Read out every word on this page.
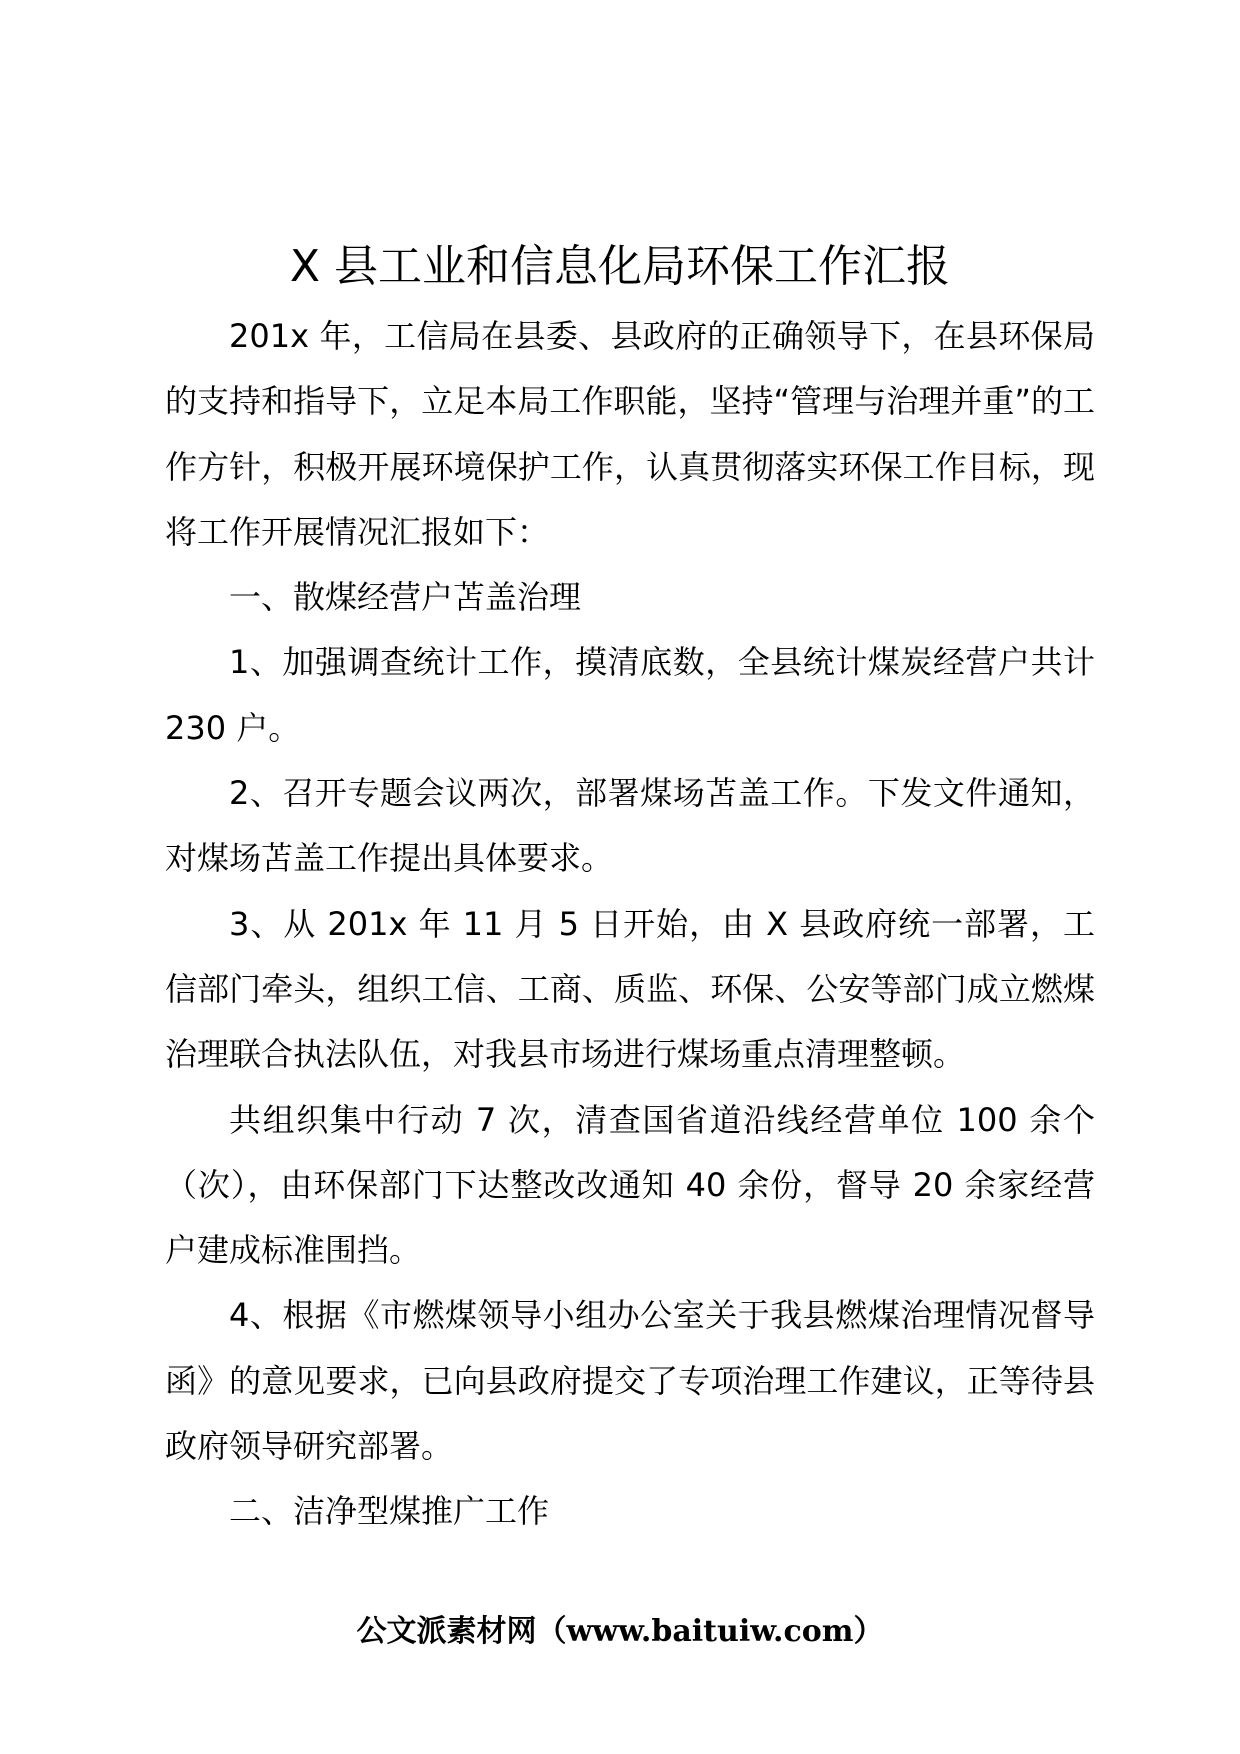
X 县工业和信息化局环保工作汇报

201x 年，工信局在县委、县政府的正确领导下，在县环保局的支持和指导下，立足本局工作职能，坚持“管理与治理并重”的工作方针，积极开展环境保护工作，认真贯彻落实环保工作目标，现将工作开展情况汇报如下：

一、散煤经营户苫盖治理

1、加强调查统计工作，摸清底数，全县统计煤炭经营户共计 230 户。

2、召开专题会议两次，部署煤场苫盖工作。下发文件通知，对煤场苫盖工作提出具体要求。

3、从 201x 年 11 月 5 日开始，由 X 县政府统一部署，工信部门牵头，组织工信、工商、质监、环保、公安等部门成立燃煤治理联合执法队伍，对我县市场进行煤场重点清理整顿。

共组织集中行动 7 次，清查国省道沿线经营单位 100 余个（次），由环保部门下达整改改通知 40 余份，督导 20 余家经营户建成标准围挡。

4、根据《市燃煤领导小组办公室关于我县燃煤治理情况督导函》的意见要求，已向县政府提交了专项治理工作建议，正等待县政府领导研究部署。

二、洁净型煤推广工作

公文派素材网（www.baituiw.com）
